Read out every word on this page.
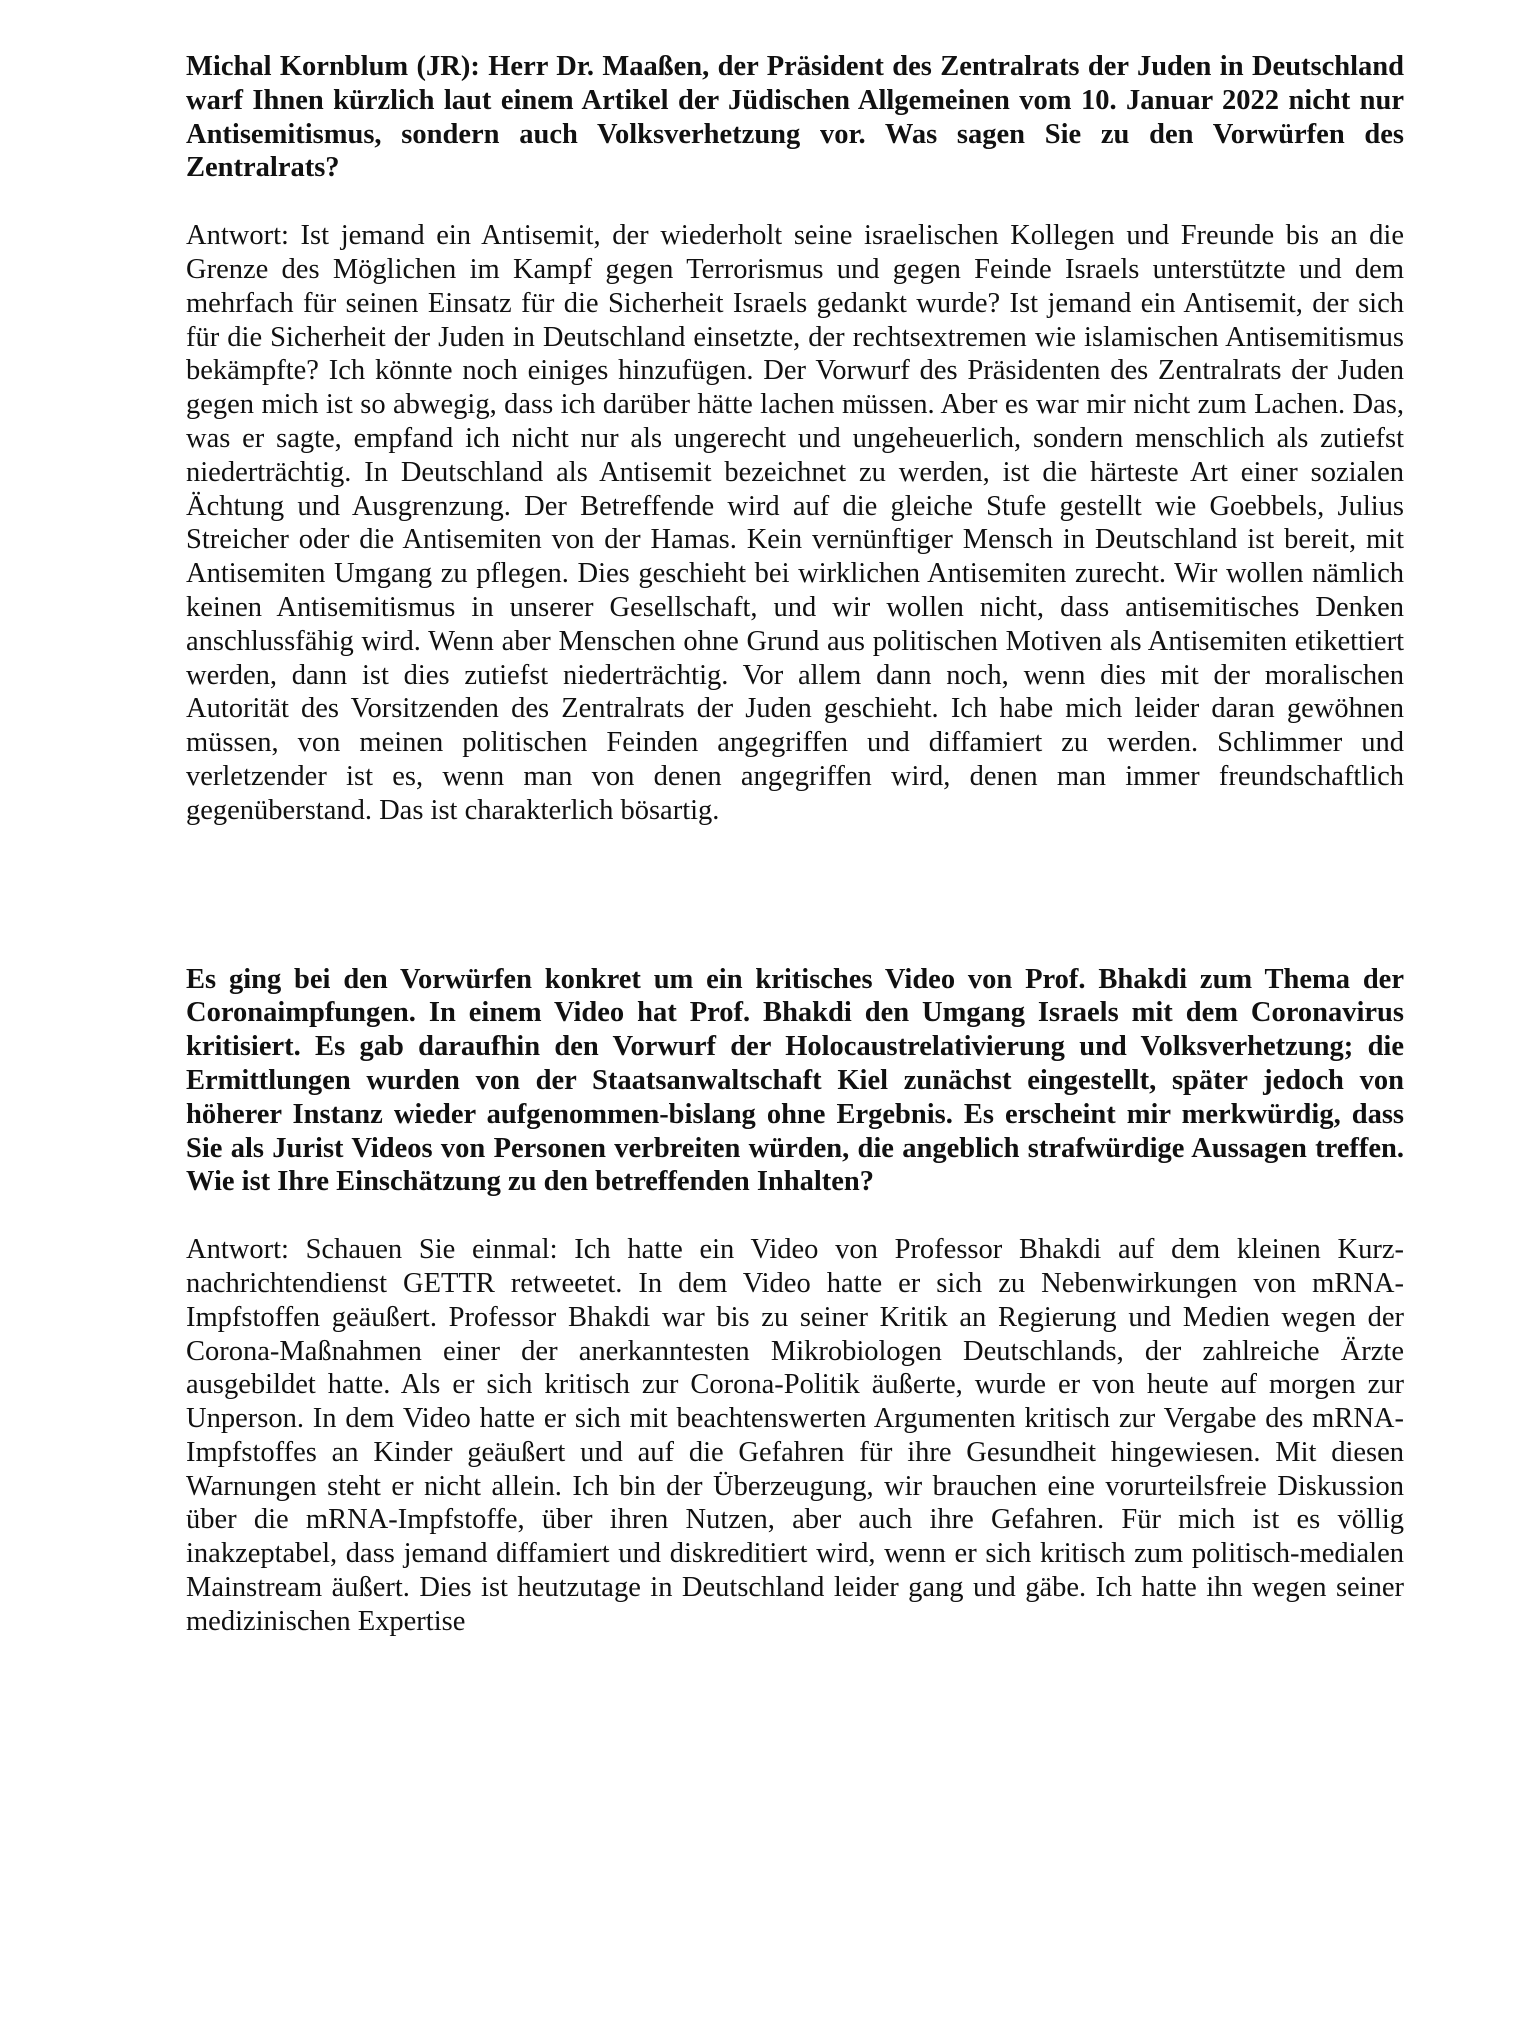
Michal Kornblum (JR): Herr Dr. Maaßen, der Präsident des Zentralrats der Juden in Deutschland warf Ihnen kürzlich laut einem Artikel der Jüdischen Allgemeinen vom 10. Januar 2022 nicht nur Antisemitismus, sondern auch Volksverhetzung vor. Was sagen Sie zu den Vorwürfen des Zentralrats?

Antwort: Ist jemand ein Antisemit, der wiederholt seine israelischen Kollegen und Freunde bis an die Grenze des Möglichen im Kampf gegen Terrorismus und gegen Feinde Israels unterstützte und dem mehrfach für seinen Einsatz für die Sicherheit Israels gedankt wurde? Ist jemand ein Antisemit, der sich für die Sicherheit der Juden in Deutschland einsetzte, der rechtsextremen wie islamischen Antisemitismus bekämpfte? Ich könnte noch einiges hinzufügen. Der Vorwurf des Präsidenten des Zentralrats der Juden gegen mich ist so abwegig, dass ich darüber hätte lachen müssen. Aber es war mir nicht zum Lachen. Das, was er sagte, empfand ich nicht nur als ungerecht und ungeheuerlich, sondern menschlich als zutiefst niederträchtig. In Deutschland als Antisemit bezeichnet zu werden, ist die härteste Art einer sozialen Ächtung und Ausgrenzung. Der Betreffende wird auf die gleiche Stufe gestellt wie Goebbels, Julius Streicher oder die Antisemiten von der Hamas. Kein vernünftiger Mensch in Deutschland ist bereit, mit Antisemiten Umgang zu pflegen. Dies geschieht bei wirklichen Antisemiten zurecht. Wir wollen nämlich keinen Antisemitismus in unserer Gesellschaft, und wir wollen nicht, dass antisemitisches Denken anschlussfähig wird. Wenn aber Menschen ohne Grund aus politischen Motiven als Antisemiten etikettiert werden, dann ist dies zutiefst niederträchtig. Vor allem dann noch, wenn dies mit der moralischen Autorität des Vorsitzenden des Zentralrats der Juden geschieht. Ich habe mich leider daran gewöhnen müssen, von meinen politischen Feinden angegriffen und diffamiert zu werden. Schlimmer und verletzender ist es, wenn man von denen angegriffen wird, denen man immer freundschaftlich gegenüberstand. Das ist charakterlich bösartig.

Es ging bei den Vorwürfen konkret um ein kritisches Video von Prof. Bhakdi zum Thema der Coronaimpfungen. In einem Video hat Prof. Bhakdi den Umgang Israels mit dem Coronavirus kritisiert. Es gab daraufhin den Vorwurf der Holocaustrelativierung und Volksverhetzung; die Ermittlungen wurden von der Staatsanwaltschaft Kiel zunächst eingestellt, später jedoch von höherer Instanz wieder aufgenommen-bislang ohne Ergebnis. Es erscheint mir merkwürdig, dass Sie als Jurist Videos von Personen verbreiten würden, die angeblich strafwürdige Aussagen treffen. Wie ist Ihre Einschätzung zu den betreffenden Inhalten?

Antwort: Schauen Sie einmal: Ich hatte ein Video von Professor Bhakdi auf dem kleinen Kurznachrichtendienst GETTR retweetet. In dem Video hatte er sich zu Nebenwirkungen von mRNA-Impfstoffen geäußert. Professor Bhakdi war bis zu seiner Kritik an Regierung und Medien wegen der Corona-Maßnahmen einer der anerkanntesten Mikrobiologen Deutschlands, der zahlreiche Ärzte ausgebildet hatte. Als er sich kritisch zur Corona-Politik äußerte, wurde er von heute auf morgen zur Unperson. In dem Video hatte er sich mit beachtenswerten Argumenten kritisch zur Vergabe des mRNA-Impfstoffes an Kinder geäußert und auf die Gefahren für ihre Gesundheit hingewiesen. Mit diesen Warnungen steht er nicht allein. Ich bin der Überzeugung, wir brauchen eine vorurteilsfreie Diskussion über die mRNA-Impfstoffe, über ihren Nutzen, aber auch ihre Gefahren. Für mich ist es völlig inakzeptabel, dass jemand diffamiert und diskreditiert wird, wenn er sich kritisch zum politisch-medialen Mainstream äußert. Dies ist heutzutage in Deutschland leider gang und gäbe. Ich hatte ihn wegen seiner medizinischen Expertise
